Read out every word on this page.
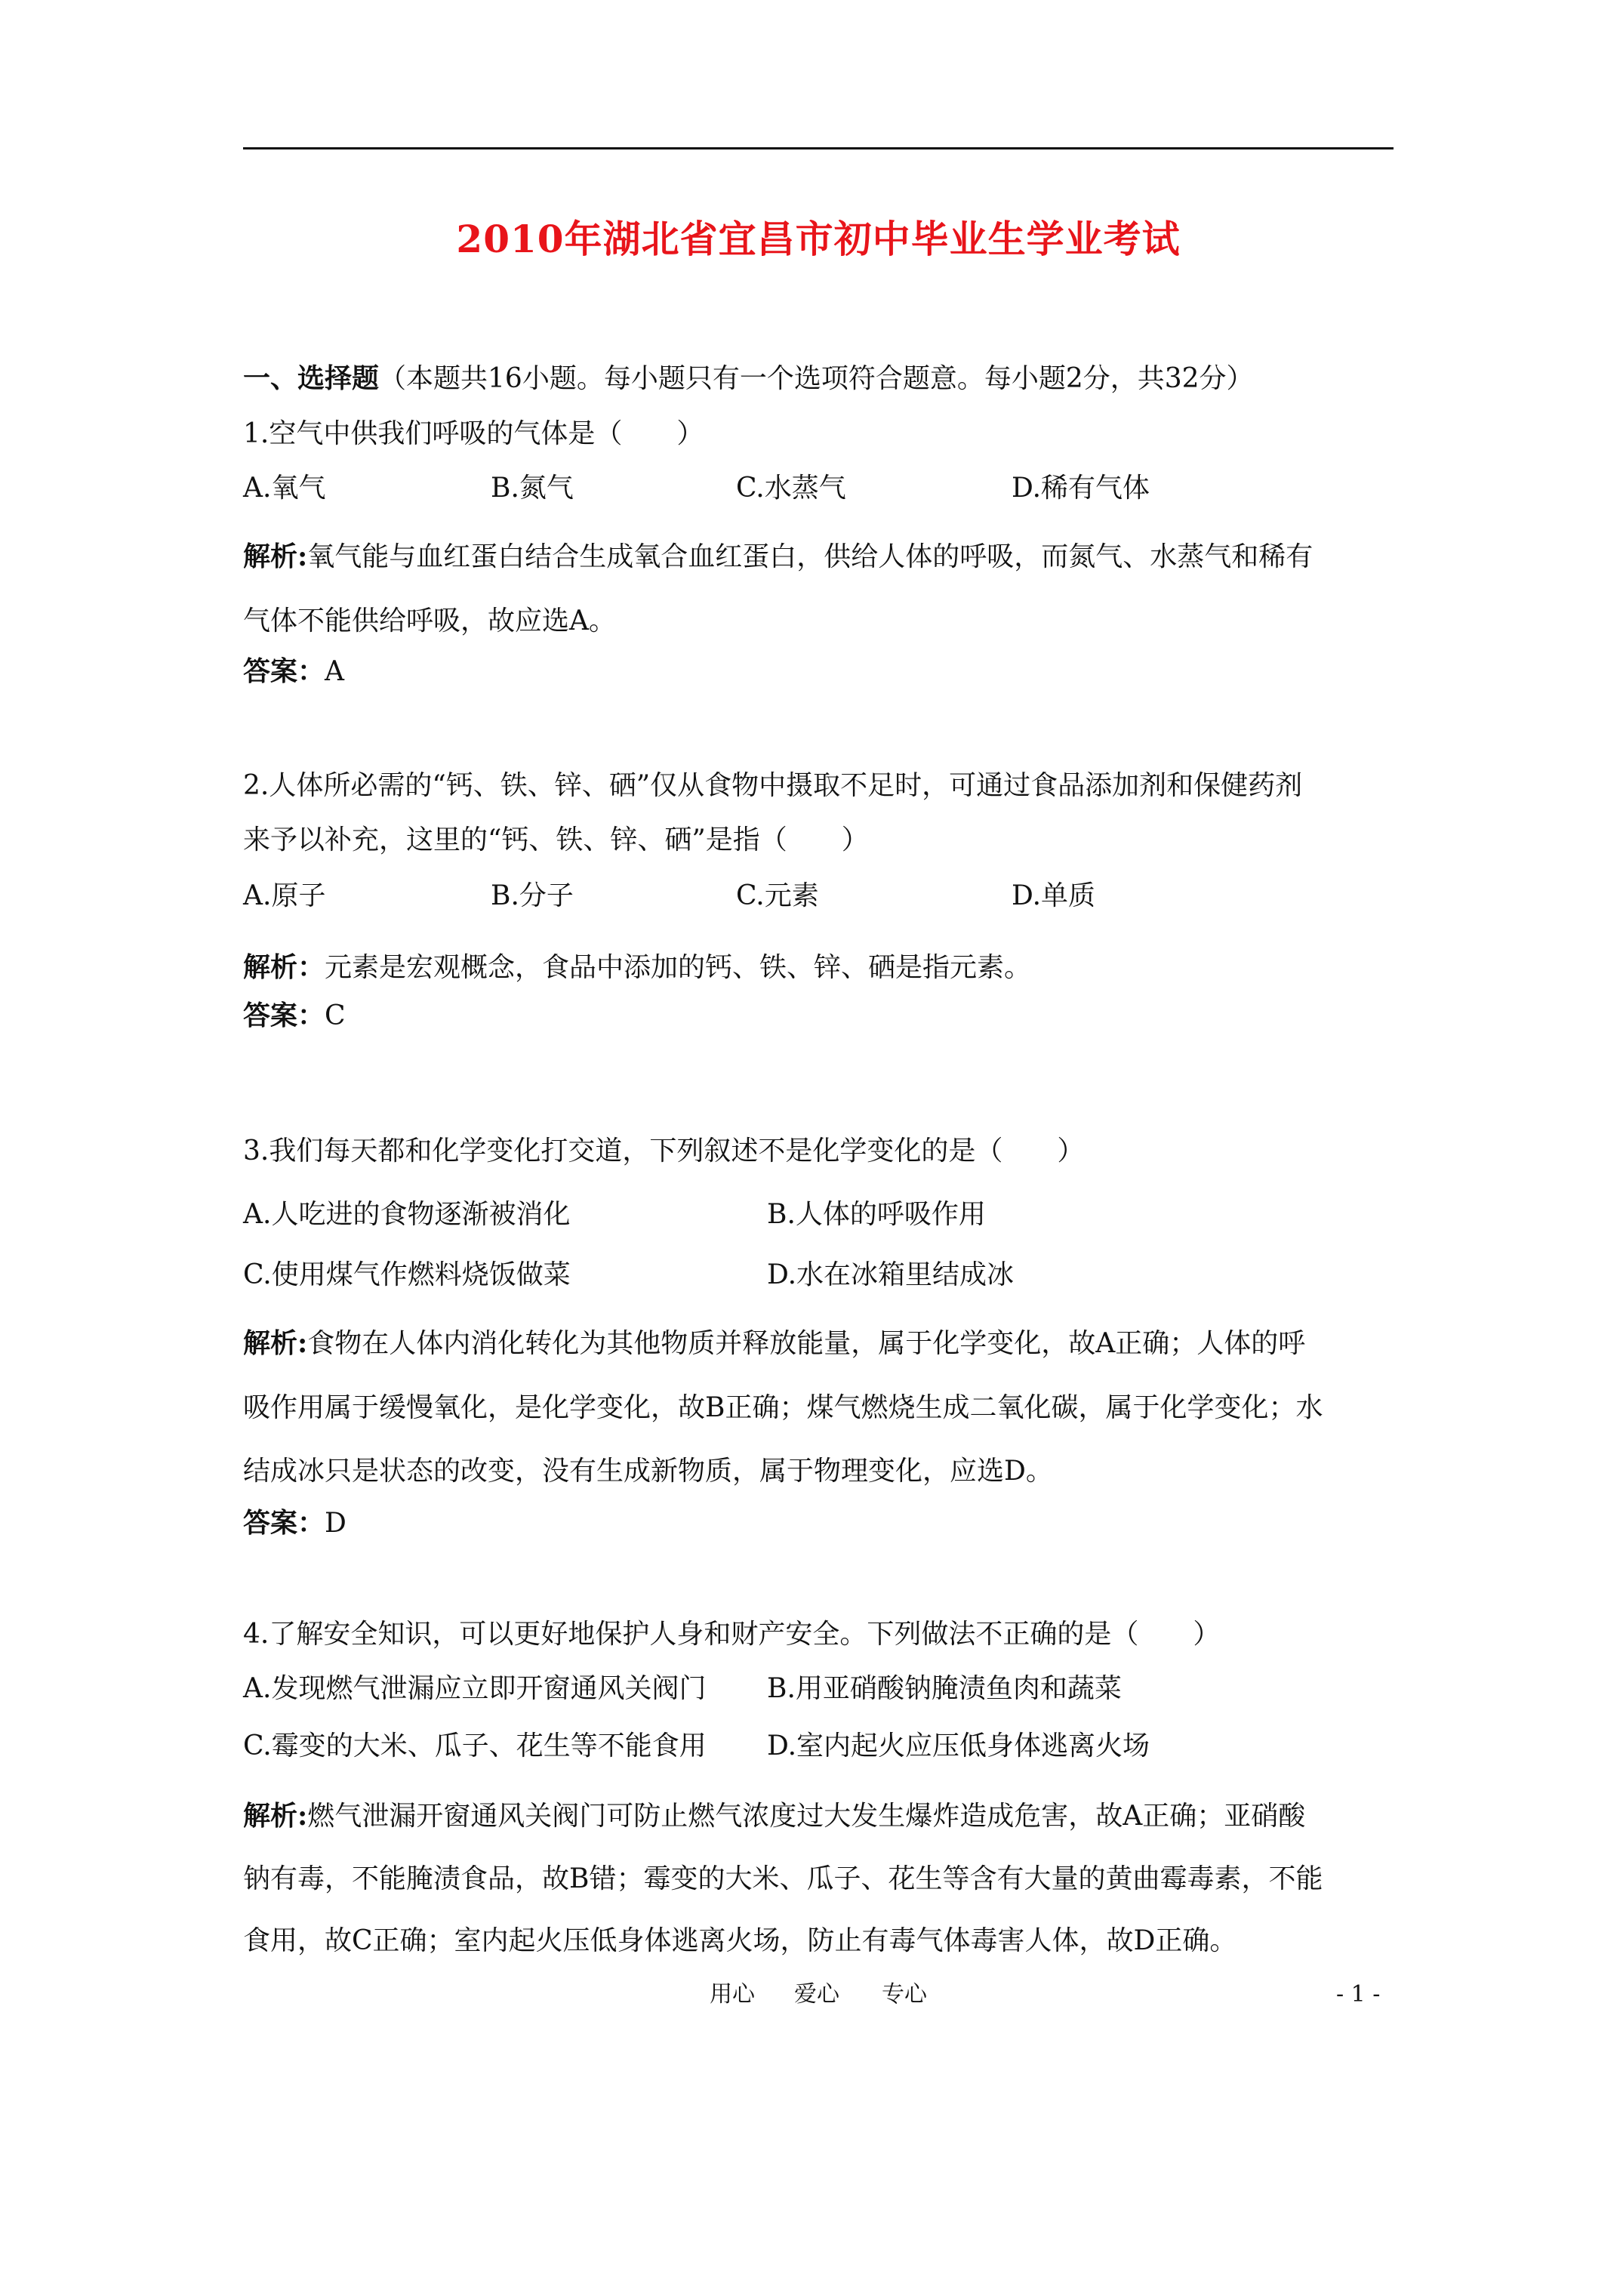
2010年湖北省宜昌市初中毕业生学业考试
一、选择题（本题共16小题。每小题只有一个选项符合题意。每小题2分，共32分）
1.空气中供我们呼吸的气体是（　　）
A.氧气	B.氮气	C.水蒸气	D.稀有气体
解析:氧气能与血红蛋白结合生成氧合血红蛋白，供给人体的呼吸，而氮气、水蒸气和稀有
气体不能供给呼吸，故应选A。
答案：A
2.人体所必需的“钙、铁、锌、硒”仅从食物中摄取不足时，可通过食品添加剂和保健药剂
来予以补充，这里的“钙、铁、锌、硒”是指（　　）
A.原子	B.分子	C.元素	D.单质
解析：元素是宏观概念，食品中添加的钙、铁、锌、硒是指元素。
答案：C
3.我们每天都和化学变化打交道，下列叙述不是化学变化的是（　　）
A.人吃进的食物逐渐被消化	B.人体的呼吸作用
C.使用煤气作燃料烧饭做菜	D.水在冰箱里结成冰
解析:食物在人体内消化转化为其他物质并释放能量，属于化学变化，故A正确；人体的呼
吸作用属于缓慢氧化，是化学变化，故B正确；煤气燃烧生成二氧化碳，属于化学变化；水
结成冰只是状态的改变，没有生成新物质，属于物理变化，应选D。
答案：D
4.了解安全知识，可以更好地保护人身和财产安全。下列做法不正确的是（　　）
A.发现燃气泄漏应立即开窗通风关阀门 B.用亚硝酸钠腌渍鱼肉和蔬菜
C.霉变的大米、瓜子、花生等不能食用 D.室内起火应压低身体逃离火场
解析:燃气泄漏开窗通风关阀门可防止燃气浓度过大发生爆炸造成危害，故A正确；亚硝酸
钠有毒，不能腌渍食品，故B错；霉变的大米、瓜子、花生等含有大量的黄曲霉毒素，不能
食用，故C正确；室内起火压低身体逃离火场，防止有毒气体毒害人体，故D正确。
用心 爱心 专心	- 1 -
